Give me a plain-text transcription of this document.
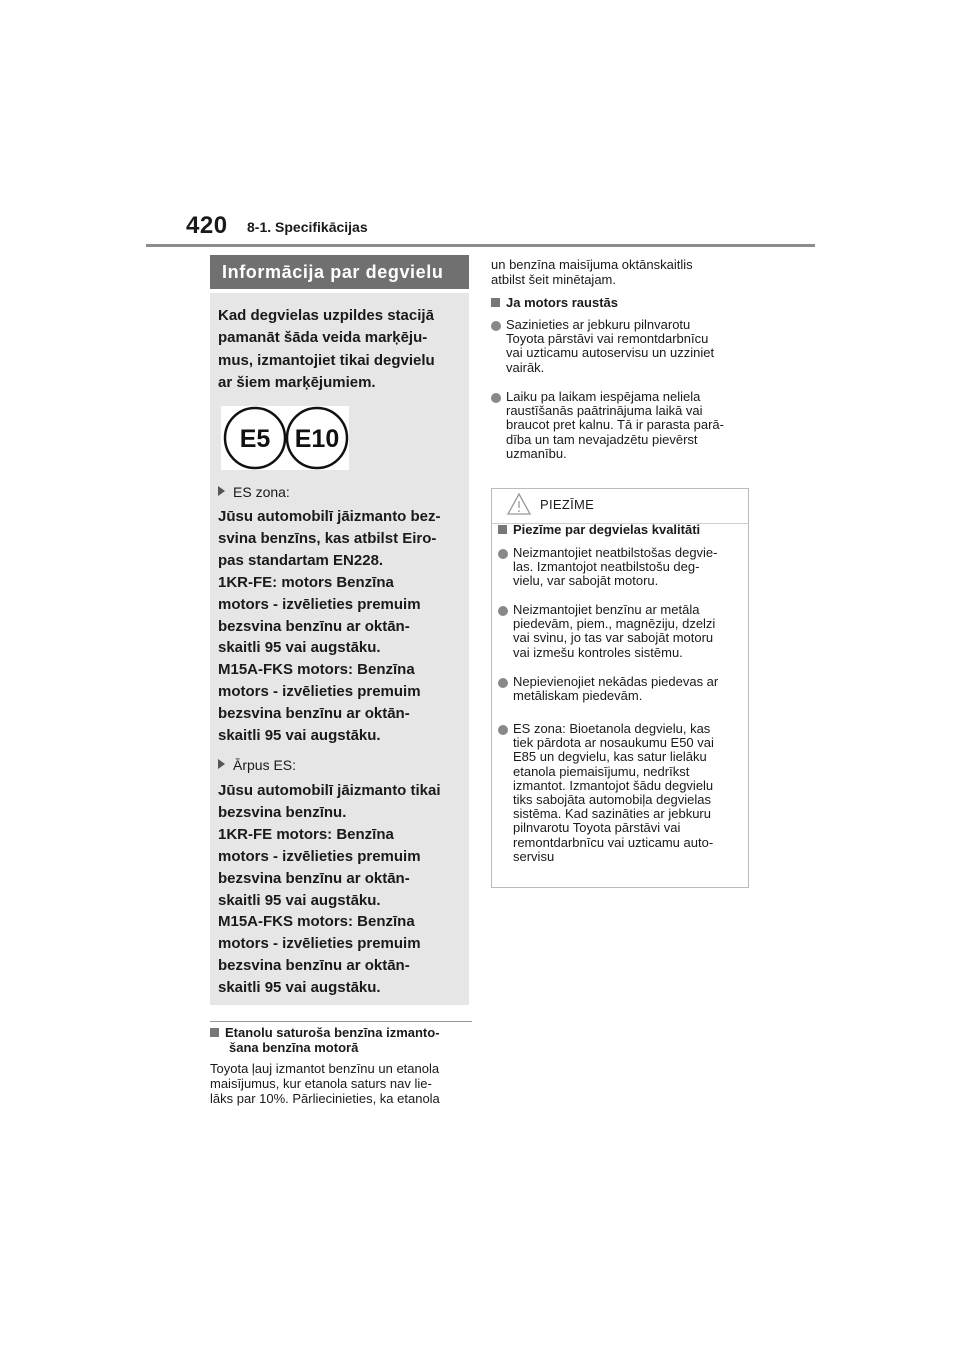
420 8-1. Specifikācijas
Informācija par degvielu
Kad degvielas uzpildes stacijā
pamanāt šāda veida marķēju-
mus, izmantojiet tikai degvielu
ar šiem marķējumiem.
E5 E10
ES zona:
Jūsu automobilī jāizmanto bez-
svina benzīns, kas atbilst Eiro-
pas standartam EN228.
1KR-FE: motors Benzīna
motors - izvēlieties premuim
bezsvina benzīnu ar oktān-
skaitli 95 vai augstāku.
M15A-FKS motors: Benzīna
motors - izvēlieties premuim
bezsvina benzīnu ar oktān-
skaitli 95 vai augstāku.
Ārpus ES:
Jūsu automobilī jāizmanto tikai
bezsvina benzīnu.
1KR-FE motors: Benzīna
motors - izvēlieties premuim
bezsvina benzīnu ar oktān-
skaitli 95 vai augstāku.
M15A-FKS motors: Benzīna
motors - izvēlieties premuim
bezsvina benzīnu ar oktān-
skaitli 95 vai augstāku.
Etanolu saturoša benzīna izmanto-
šana benzīna motorā
Toyota ļauj izmantot benzīnu un etanola
maisījumus, kur etanola saturs nav lie-
lāks par 10%. Pārliecinieties, ka etanola
un benzīna maisījuma oktānskaitlis
atbilst šeit minētajam.
Ja motors raustās
Sazinieties ar jebkuru pilnvarotu
Toyota pārstāvi vai remontdarbnīcu
vai uzticamu autoservisu un uzziniet
vairāk.
Laiku pa laikam iespējama neliela
raustīšanās paātrinājuma laikā vai
braucot pret kalnu. Tā ir parasta parā-
dība un tam nevajadzētu pievērst
uzmanību.
PIEZĪME
Piezīme par degvielas kvalitāti
Neizmantojiet neatbilstošas degvie-
las. Izmantojot neatbilstošu deg-
vielu, var sabojāt motoru.
Neizmantojiet benzīnu ar metāla
piedevām, piem., magnēziju, dzelzi
vai svinu, jo tas var sabojāt motoru
vai izmešu kontroles sistēmu.
Nepievienojiet nekādas piedevas ar
metāliskam piedevām.
ES zona: Bioetanola degvielu, kas
tiek pārdota ar nosaukumu E50 vai
E85 un degvielu, kas satur lielāku
etanola piemaisījumu, nedrīkst
izmantot. Izmantojot šādu degvielu
tiks sabojāta automobiļa degvielas
sistēma. Kad sazināties ar jebkuru
pilnvarotu Toyota pārstāvi vai
remontdarbnīcu vai uzticamu auto-
servisu
